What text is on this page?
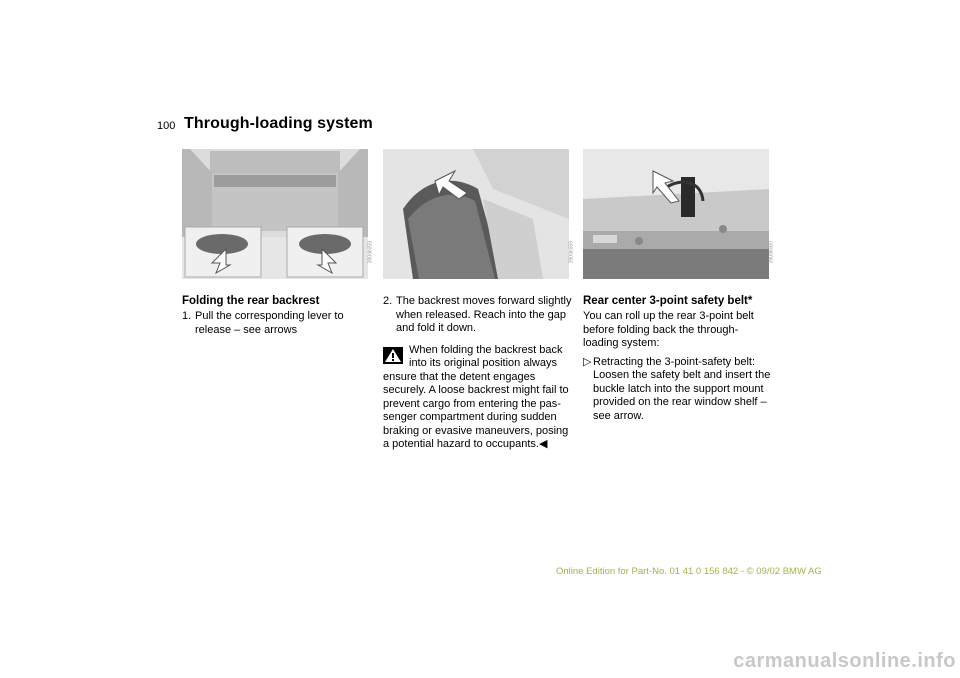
100 Through-loading system
390de059	390de059	390de060
Folding the rear backrest
1. Pull the corresponding lever to release – see arrows
2. The backrest moves forward slightly when released. Reach into the gap and fold it down.
When folding the backrest back into its original position always
ensure that the detent engages securely. A loose backrest might fail to prevent cargo from entering the pas-senger compartment during sudden braking or evasive maneuvers, posing a potential hazard to occupants.◀
Rear center 3-point safety belt*

You can roll up the rear 3-point belt before folding back the through-loading system:

▷ Retracting the 3-point-safety belt: Loosen the safety belt and insert the buckle latch into the support mount provided on the rear window shelf – see arrow.
Online Edition for Part-No. 01 41 0 156 842 - © 09/02 BMW AG
carmanualsonline.info
